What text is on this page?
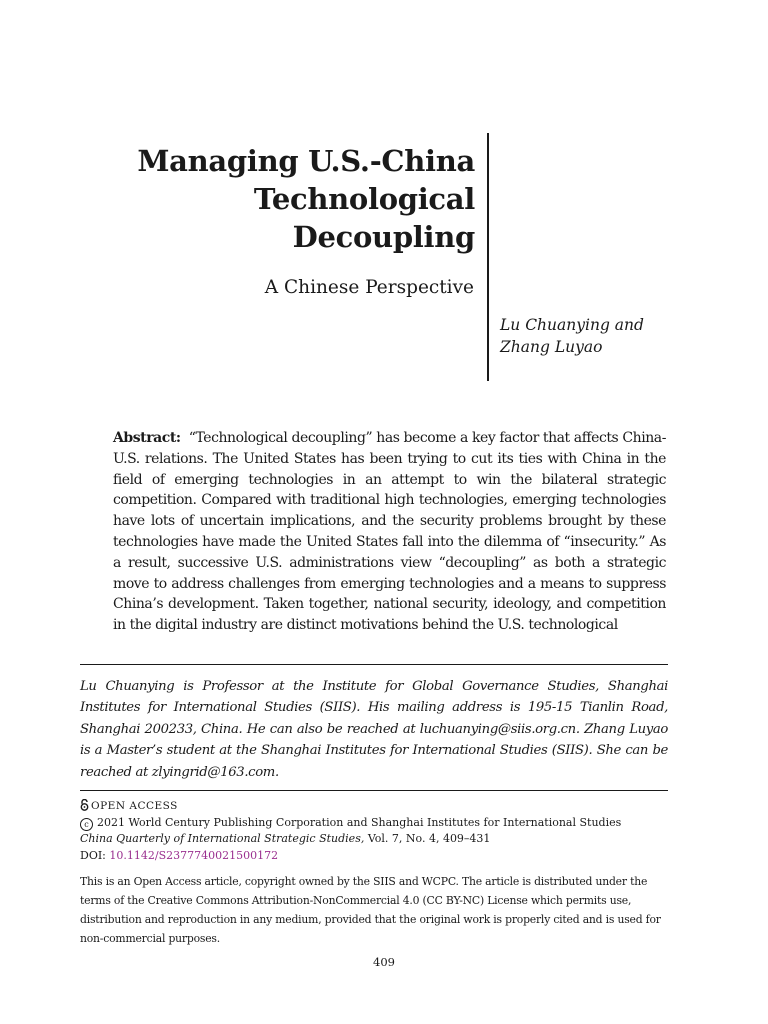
Managing U.S.-China
Technological
Decoupling
A Chinese Perspective
Lu Chuanying and
Zhang Luyao

Abstract: “Technological decoupling” has become a key factor that affects China-U.S. relations. The United States has been trying to cut its ties with China in the field of emerging technologies in an attempt to win the bilateral strategic competition. Compared with traditional high technologies, emerging technologies have lots of uncertain implications, and the security problems brought by these technologies have made the United States fall into the dilemma of “insecurity.” As a result, successive U.S. administrations view “decoupling” as both a strategic move to address challenges from emerging technologies and a means to suppress China’s development. Taken together, national security, ideology, and competition in the digital industry are distinct motivations behind the U.S. technological

Lu Chuanying is Professor at the Institute for Global Governance Studies, Shanghai Institutes for International Studies (SIIS). His mailing address is 195-15 Tianlin Road, Shanghai 200233, China. He can also be reached at luchuanying@siis.org.cn. Zhang Luyao is a Master’s student at the Shanghai Institutes for International Studies (SIIS). She can be reached at zlyingrid@163.com.

OPEN ACCESS
c 2021 World Century Publishing Corporation and Shanghai Institutes for International Studies
China Quarterly of International Strategic Studies, Vol. 7, No. 4, 409–431
DOI: 10.1142/S2377740021500172

This is an Open Access article, copyright owned by the SIIS and WCPC. The article is distributed under the terms of the Creative Commons Attribution-NonCommercial 4.0 (CC BY-NC) License which permits use, distribution and reproduction in any medium, provided that the original work is properly cited and is used for non-commercial purposes.

409
